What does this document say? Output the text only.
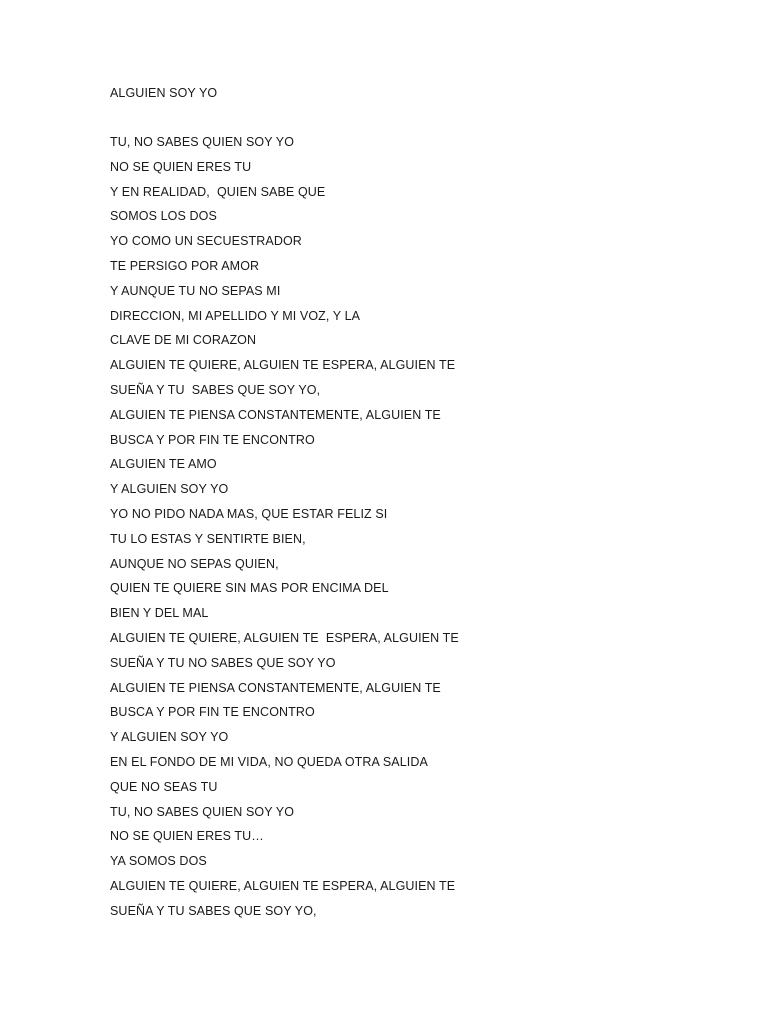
ALGUIEN SOY YO
TU, NO SABES QUIEN SOY YO
NO SE QUIEN ERES TU
Y EN REALIDAD,  QUIEN SABE QUE
SOMOS LOS DOS
YO COMO UN SECUESTRADOR
TE PERSIGO POR AMOR
Y AUNQUE TU NO SEPAS MI
DIRECCION, MI APELLIDO Y MI VOZ, Y LA
CLAVE DE MI CORAZON
ALGUIEN TE QUIERE, ALGUIEN TE ESPERA, ALGUIEN TE
SUEÑA Y TU  SABES QUE SOY YO,
ALGUIEN TE PIENSA CONSTANTEMENTE, ALGUIEN TE
BUSCA Y POR FIN TE ENCONTRO
ALGUIEN TE AMO
Y ALGUIEN SOY YO
YO NO PIDO NADA MAS, QUE ESTAR FELIZ SI
TU LO ESTAS Y SENTIRTE BIEN,
AUNQUE NO SEPAS QUIEN,
QUIEN TE QUIERE SIN MAS POR ENCIMA DEL
BIEN Y DEL MAL
ALGUIEN TE QUIERE, ALGUIEN TE  ESPERA, ALGUIEN TE
SUEÑA Y TU NO SABES QUE SOY YO
ALGUIEN TE PIENSA CONSTANTEMENTE, ALGUIEN TE
BUSCA Y POR FIN TE ENCONTRO
Y ALGUIEN SOY YO
EN EL FONDO DE MI VIDA, NO QUEDA OTRA SALIDA
QUE NO SEAS TU
TU, NO SABES QUIEN SOY YO
NO SE QUIEN ERES TU…
YA SOMOS DOS
ALGUIEN TE QUIERE, ALGUIEN TE ESPERA, ALGUIEN TE
SUEÑA Y TU SABES QUE SOY YO,
